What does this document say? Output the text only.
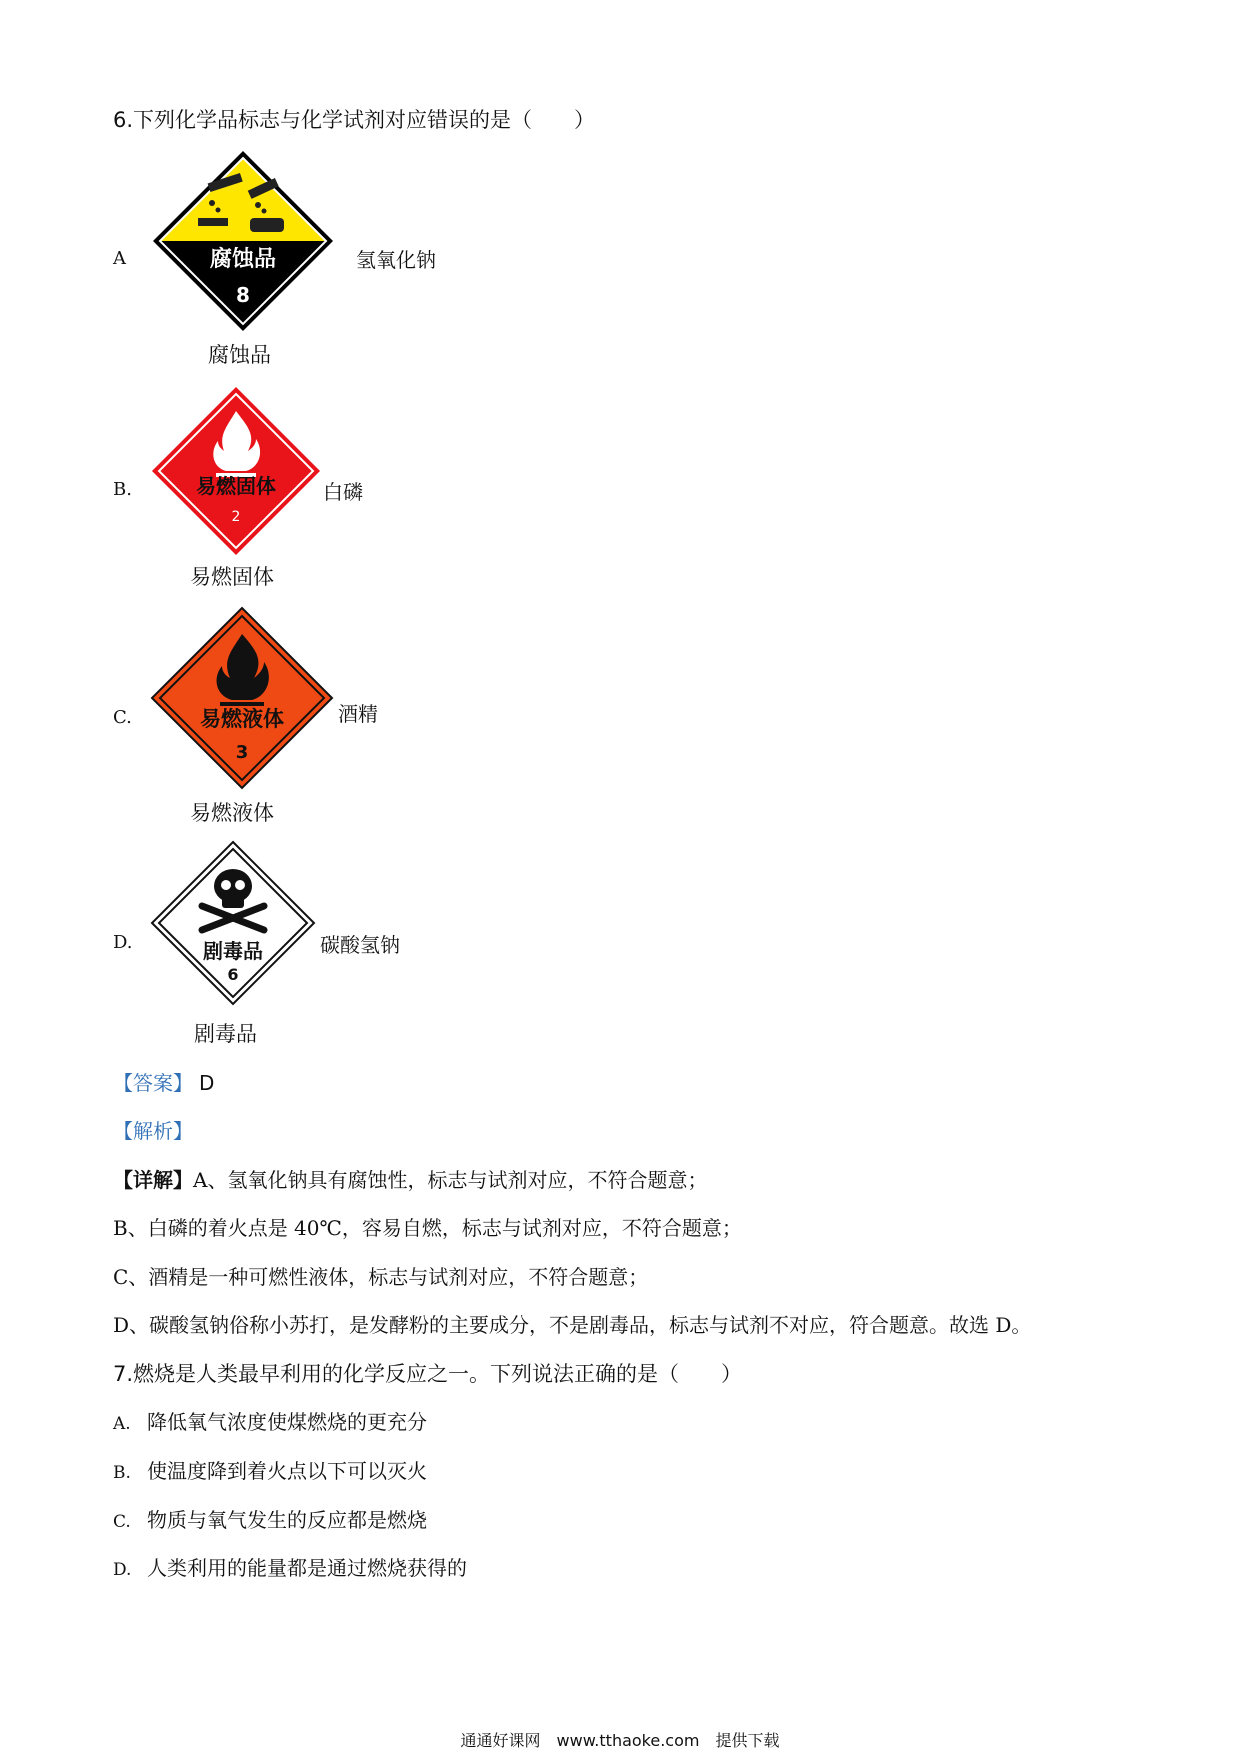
6.下列化学品标志与化学试剂对应错误的是（　　）
A	腐蚀品
8
氢氧化钠
腐蚀品
B.	易燃固体
2
白磷
易燃固体
C.	易燃液体
3
酒精
易燃液体
D.	剧毒品
6
碳酸氢钠
剧毒品
【答案】 D
【解析】
【详解】A、氢氧化钠具有腐蚀性，标志与试剂对应，不符合题意；
B、白磷的着火点是 40℃，容易自燃，标志与试剂对应，不符合题意；
C、酒精是一种可燃性液体，标志与试剂对应，不符合题意；
D、碳酸氢钠俗称小苏打，是发酵粉的主要成分，不是剧毒品，标志与试剂不对应，符合题意。故选 D。
7.燃烧是人类最早利用的化学反应之一。下列说法正确的是（　　）
A. 降低氧气浓度使煤燃烧的更充分
B. 使温度降到着火点以下可以灭火
C. 物质与氧气发生的反应都是燃烧
D. 人类利用的能量都是通过燃烧获得的
通通好课网　www.tthaoke.com　提供下载
